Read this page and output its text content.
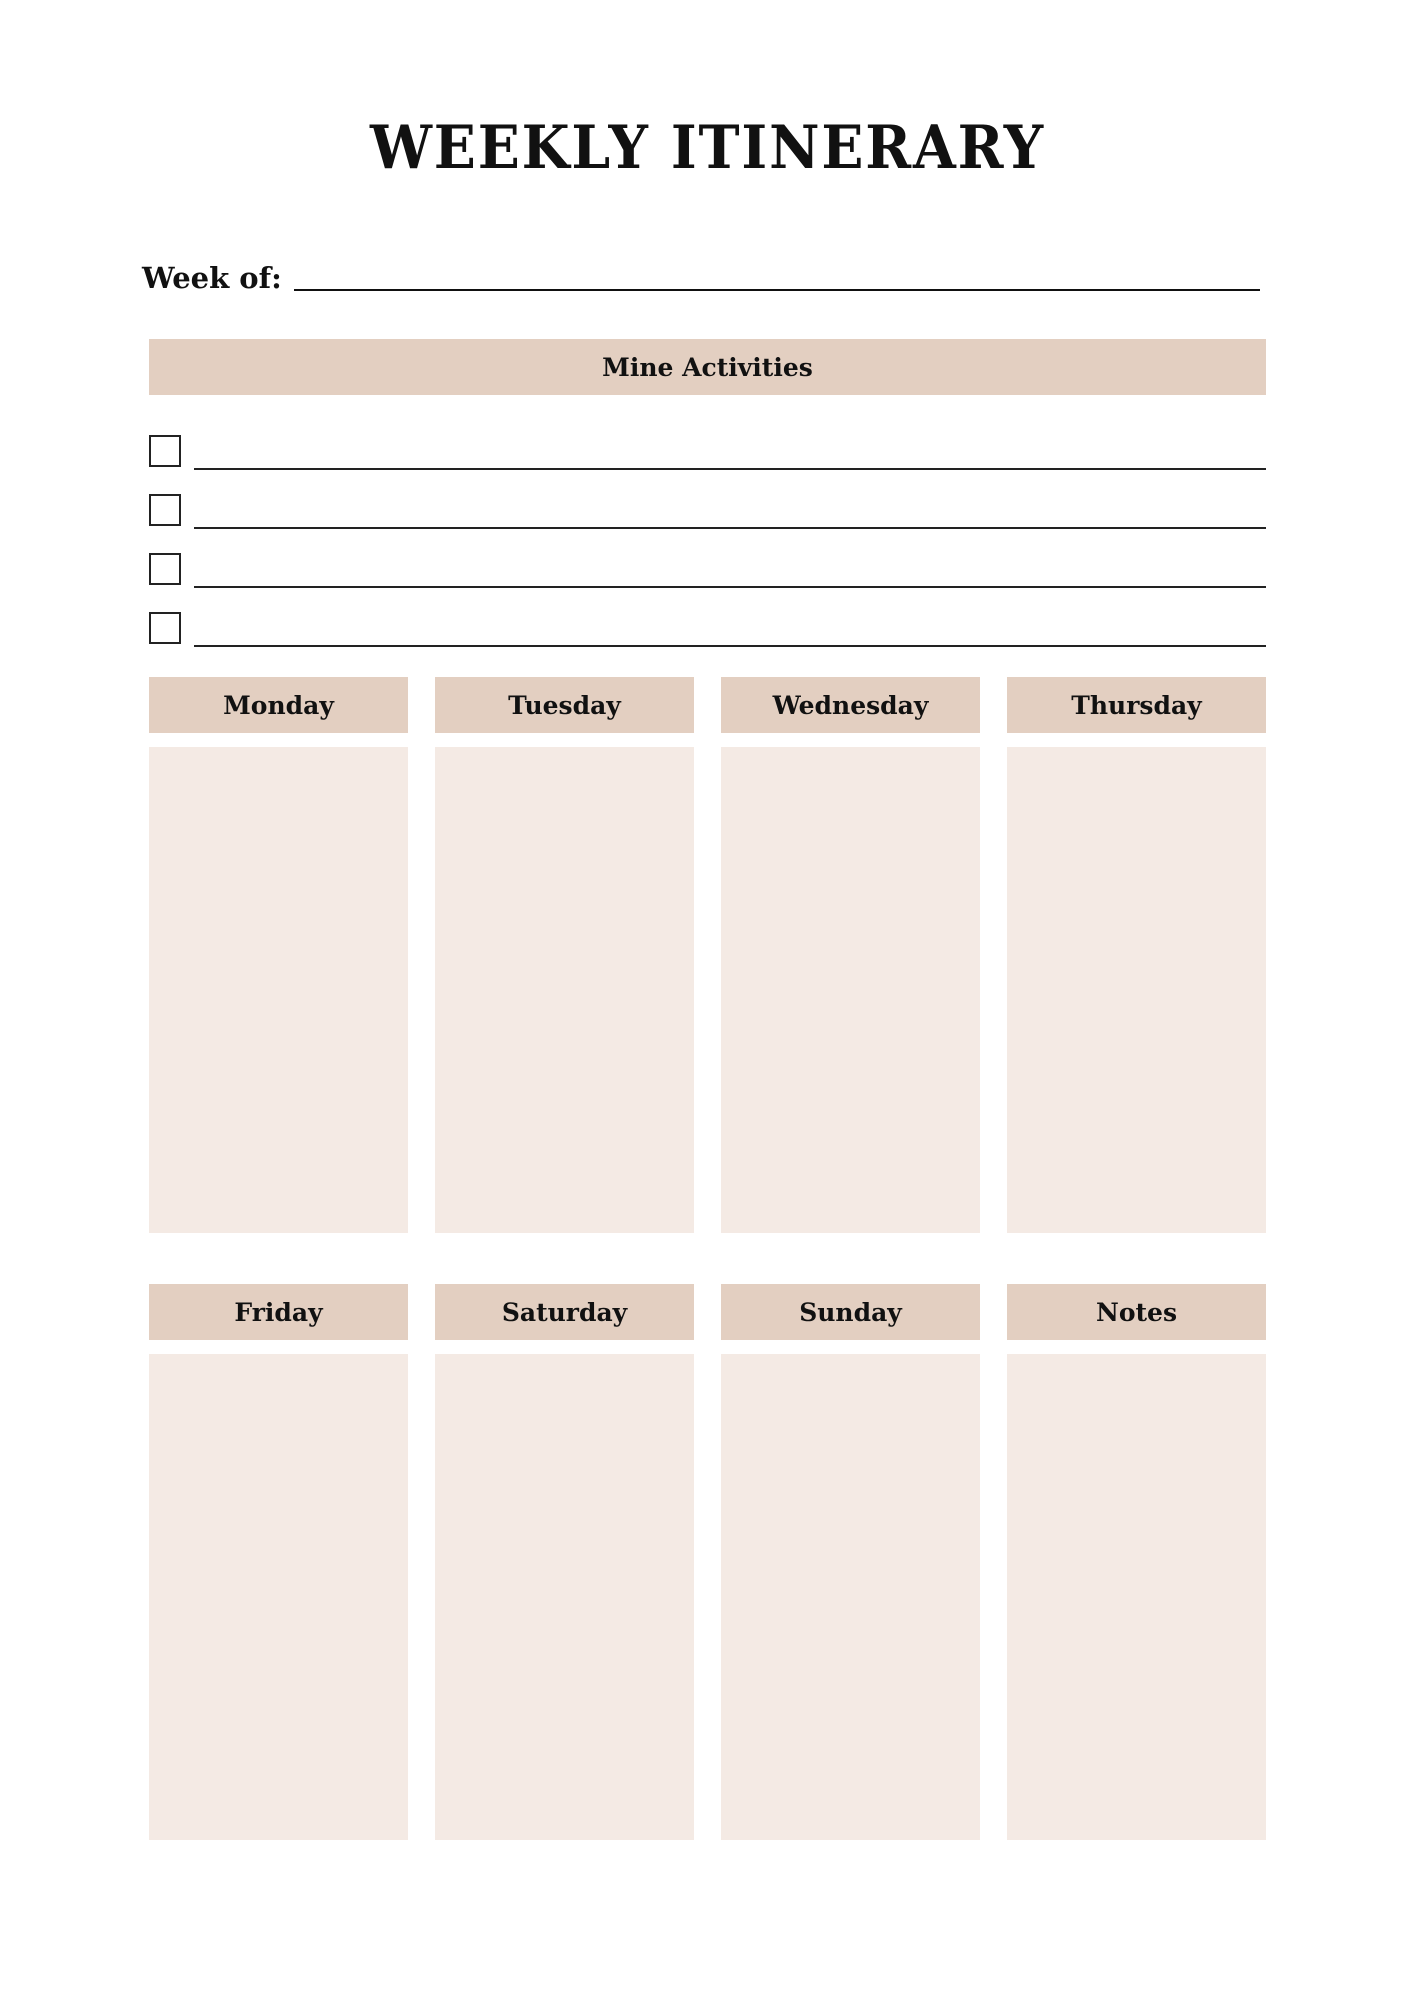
WEEKLY ITINERARY
Week of:
Mine Activities
Monday	Tuesday	Wednesday	Thursday
Friday	Saturday	Sunday	Notes
